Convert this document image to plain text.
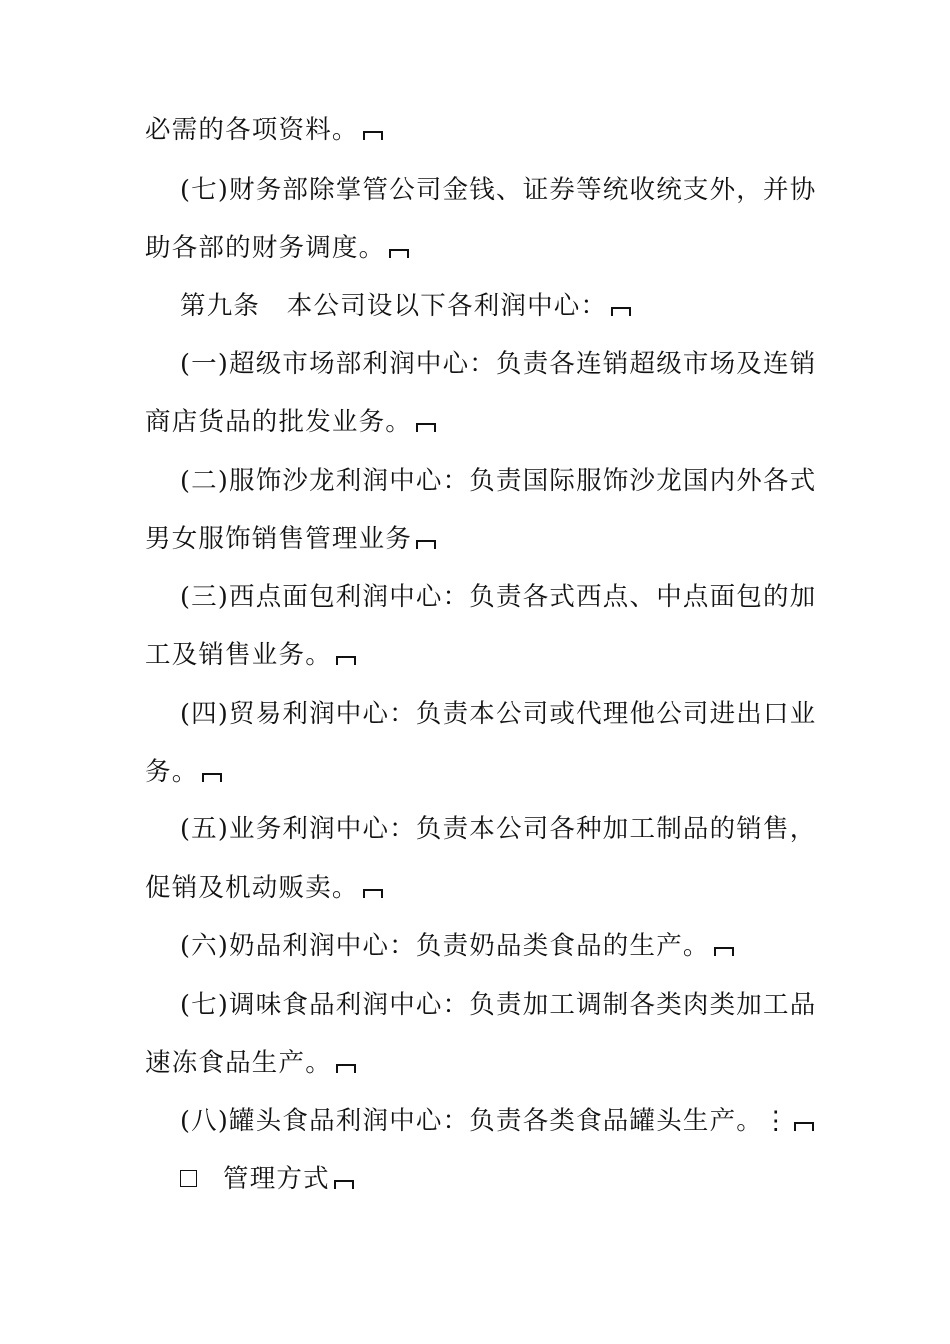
必需的各项资料。
(七)财务部除掌管公司金钱、证券等统收统支外，并协
助各部的财务调度。
第九条　本公司设以下各利润中心：
(一)超级市场部利润中心：负责各连销超级市场及连销
商店货品的批发业务。
(二)服饰沙龙利润中心：负责国际服饰沙龙国内外各式
男女服饰销售管理业务
(三)西点面包利润中心：负责各式西点、中点面包的加
工及销售业务。
(四)贸易利润中心：负责本公司或代理他公司进出口业
务。
(五)业务利润中心：负责本公司各种加工制品的销售，
促销及机动贩卖。
(六)奶品利润中心：负责奶品类食品的生产。
(七)调味食品利润中心：负责加工调制各类肉类加工品
速冻食品生产。
(八)罐头食品利润中心：负责各类食品罐头生产。⋮
管理方式
